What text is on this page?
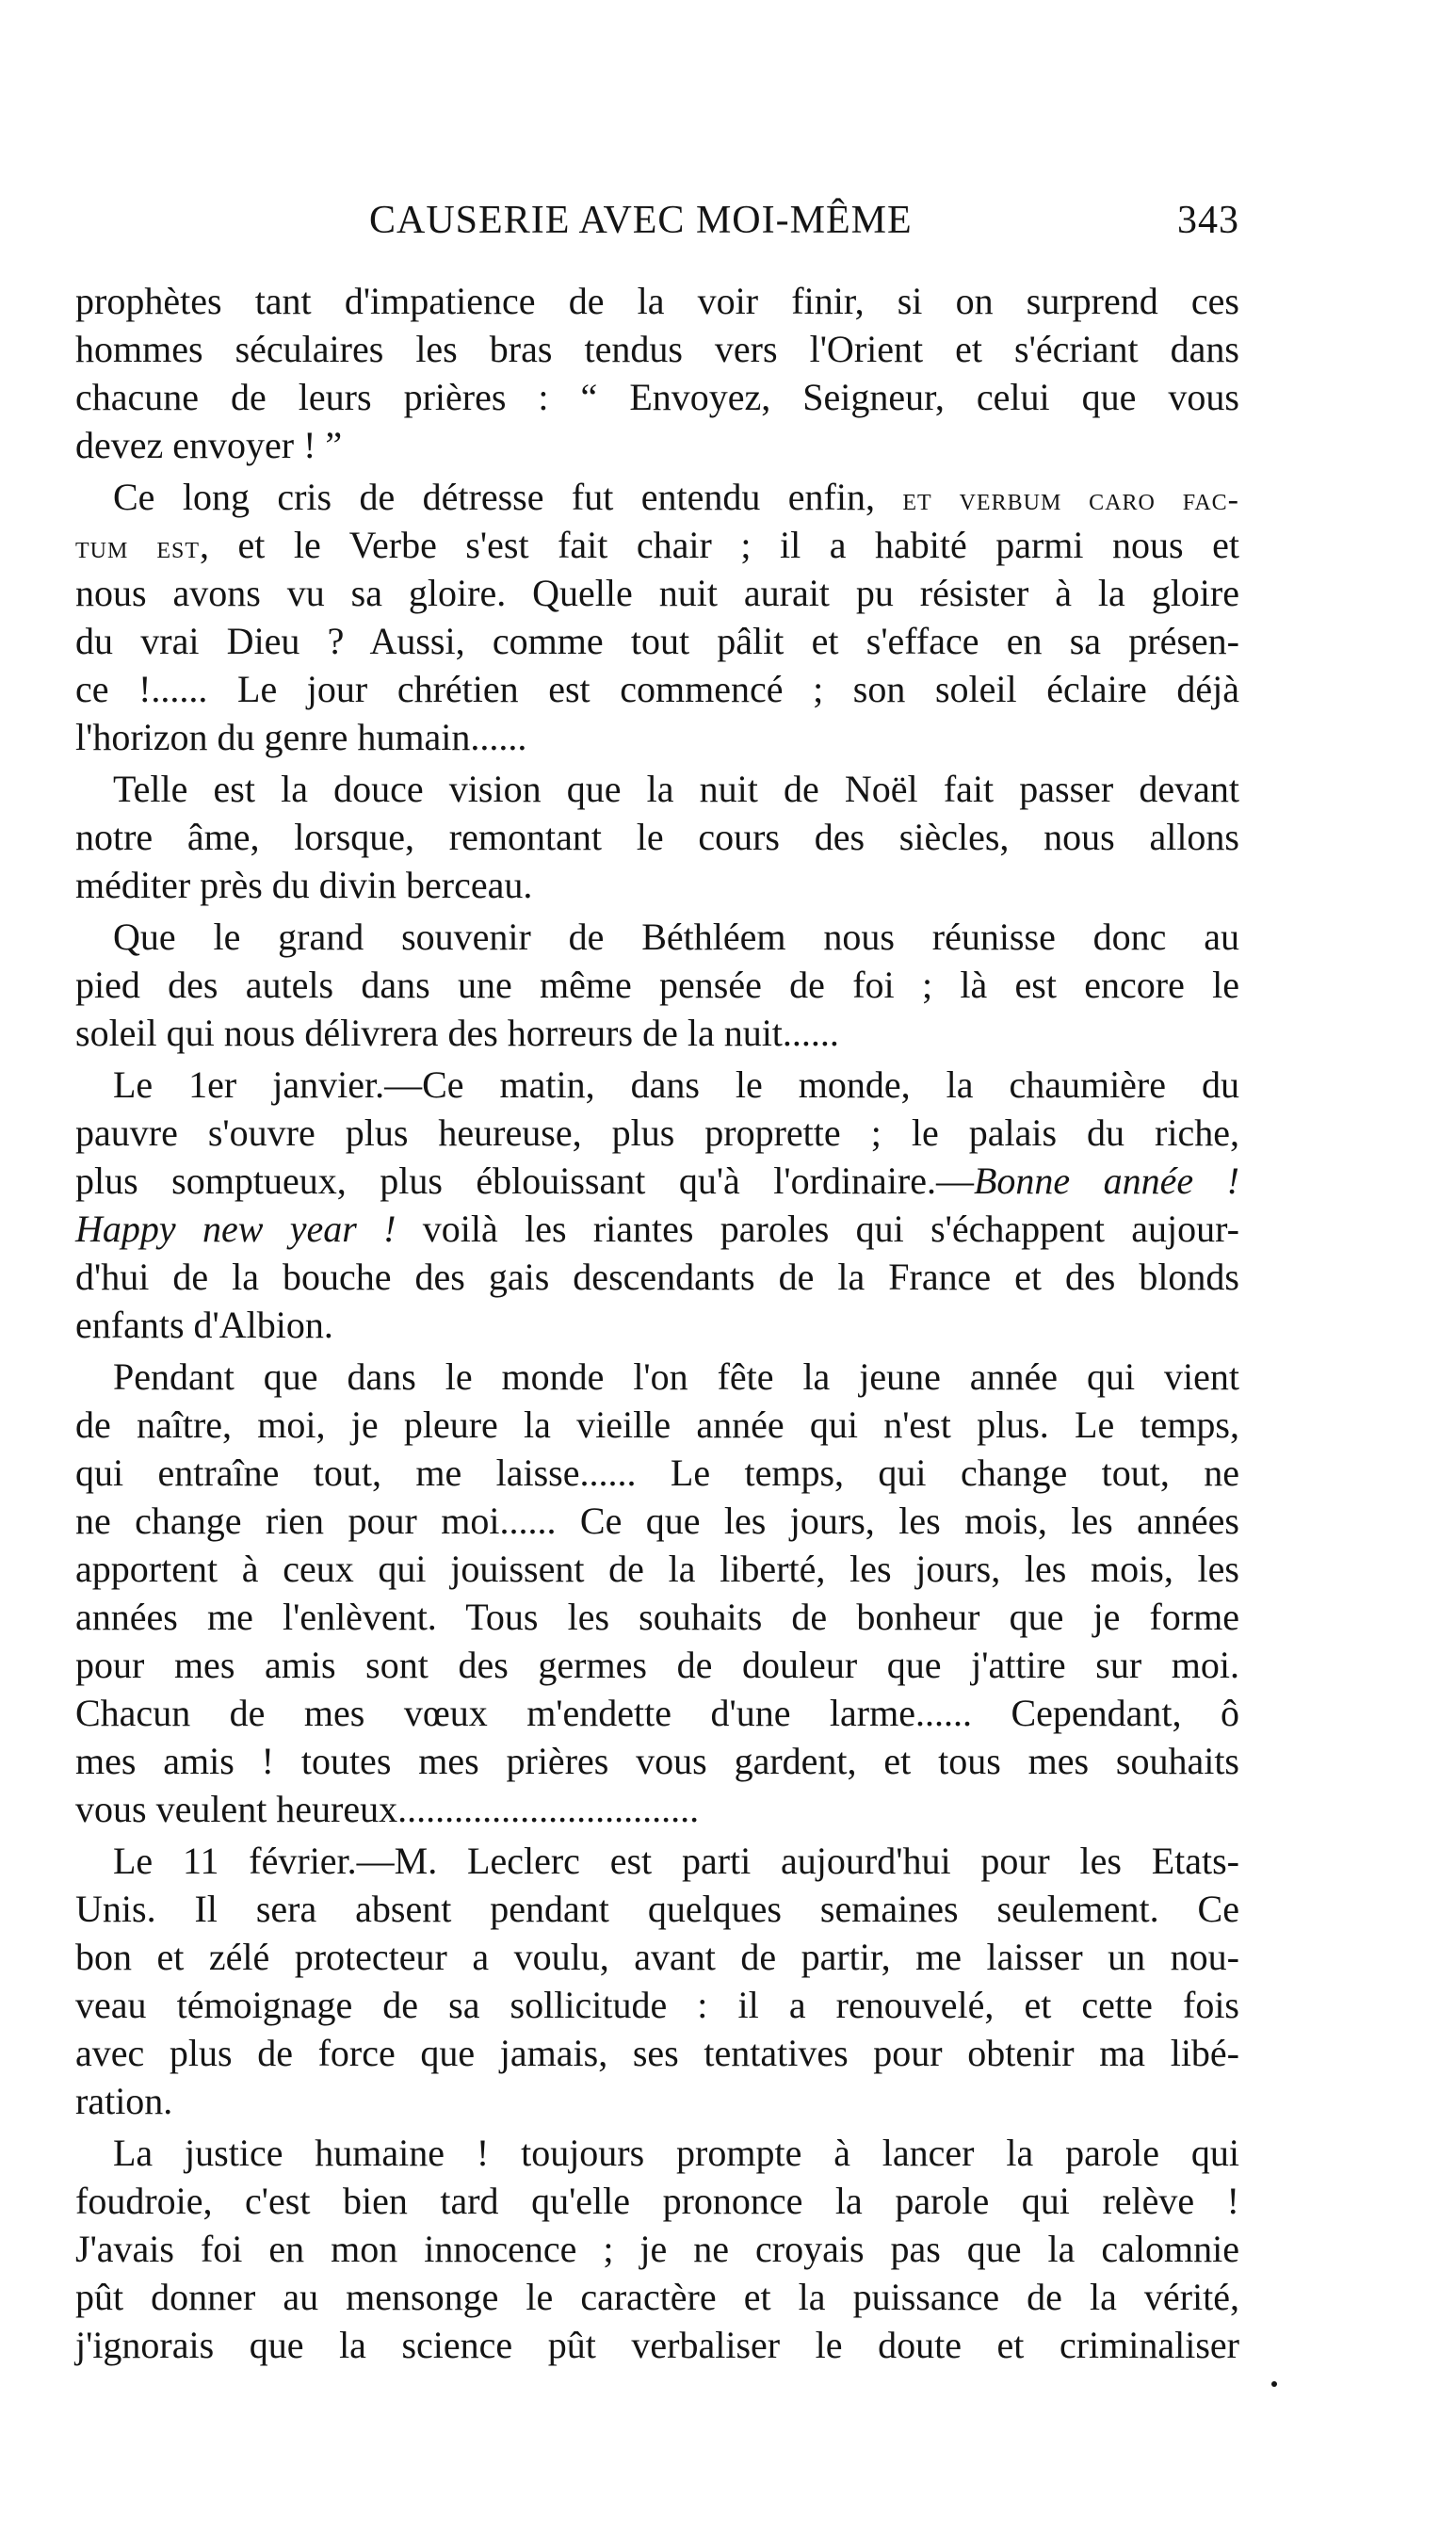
CAUSERIE AVEC MOI-MÊME	343

prophètes tant d'impatience de la voir finir, si on surprend ces
hommes séculaires les bras tendus vers l'Orient et s'écriant dans
chacune de leurs prières : “ Envoyez, Seigneur, celui que vous
devez envoyer ! ”

Ce long cris de détresse fut entendu enfin, et verbum caro fac-
tum est, et le Verbe s'est fait chair ; il a habité parmi nous et
nous avons vu sa gloire. Quelle nuit aurait pu résister à la gloire
du vrai Dieu ? Aussi, comme tout pâlit et s'efface en sa présen-
ce !...... Le jour chrétien est commencé ; son soleil éclaire déjà
l'horizon du genre humain......

Telle est la douce vision que la nuit de Noël fait passer devant
notre âme, lorsque, remontant le cours des siècles, nous allons
méditer près du divin berceau.

Que le grand souvenir de Béthléem nous réunisse donc au
pied des autels dans une même pensée de foi ; là est encore le
soleil qui nous délivrera des horreurs de la nuit......

Le 1er janvier.—Ce matin, dans le monde, la chaumière du
pauvre s'ouvre plus heureuse, plus proprette ; le palais du riche,
plus somptueux, plus éblouissant qu'à l'ordinaire.—Bonne année !
Happy new year ! voilà les riantes paroles qui s'échappent aujour-
d'hui de la bouche des gais descendants de la France et des blonds
enfants d'Albion.

Pendant que dans le monde l'on fête la jeune année qui vient
de naître, moi, je pleure la vieille année qui n'est plus. Le temps,
qui entraîne tout, me laisse...... Le temps, qui change tout, ne
ne change rien pour moi...... Ce que les jours, les mois, les années
apportent à ceux qui jouissent de la liberté, les jours, les mois, les
années me l'enlèvent. Tous les souhaits de bonheur que je forme
pour mes amis sont des germes de douleur que j'attire sur moi.
Chacun de mes vœux m'endette d'une larme...... Cependant, ô
mes amis ! toutes mes prières vous gardent, et tous mes souhaits
vous veulent heureux................................

Le 11 février.—M. Leclerc est parti aujourd'hui pour les Etats-
Unis. Il sera absent pendant quelques semaines seulement. Ce
bon et zélé protecteur a voulu, avant de partir, me laisser un nou-
veau témoignage de sa sollicitude : il a renouvelé, et cette fois
avec plus de force que jamais, ses tentatives pour obtenir ma libé-
ration.

La justice humaine ! toujours prompte à lancer la parole qui
foudroie, c'est bien tard qu'elle prononce la parole qui relève !
J'avais foi en mon innocence ; je ne croyais pas que la calomnie
pût donner au mensonge le caractère et la puissance de la vérité,
j'ignorais que la science pût verbaliser le doute et criminaliser
